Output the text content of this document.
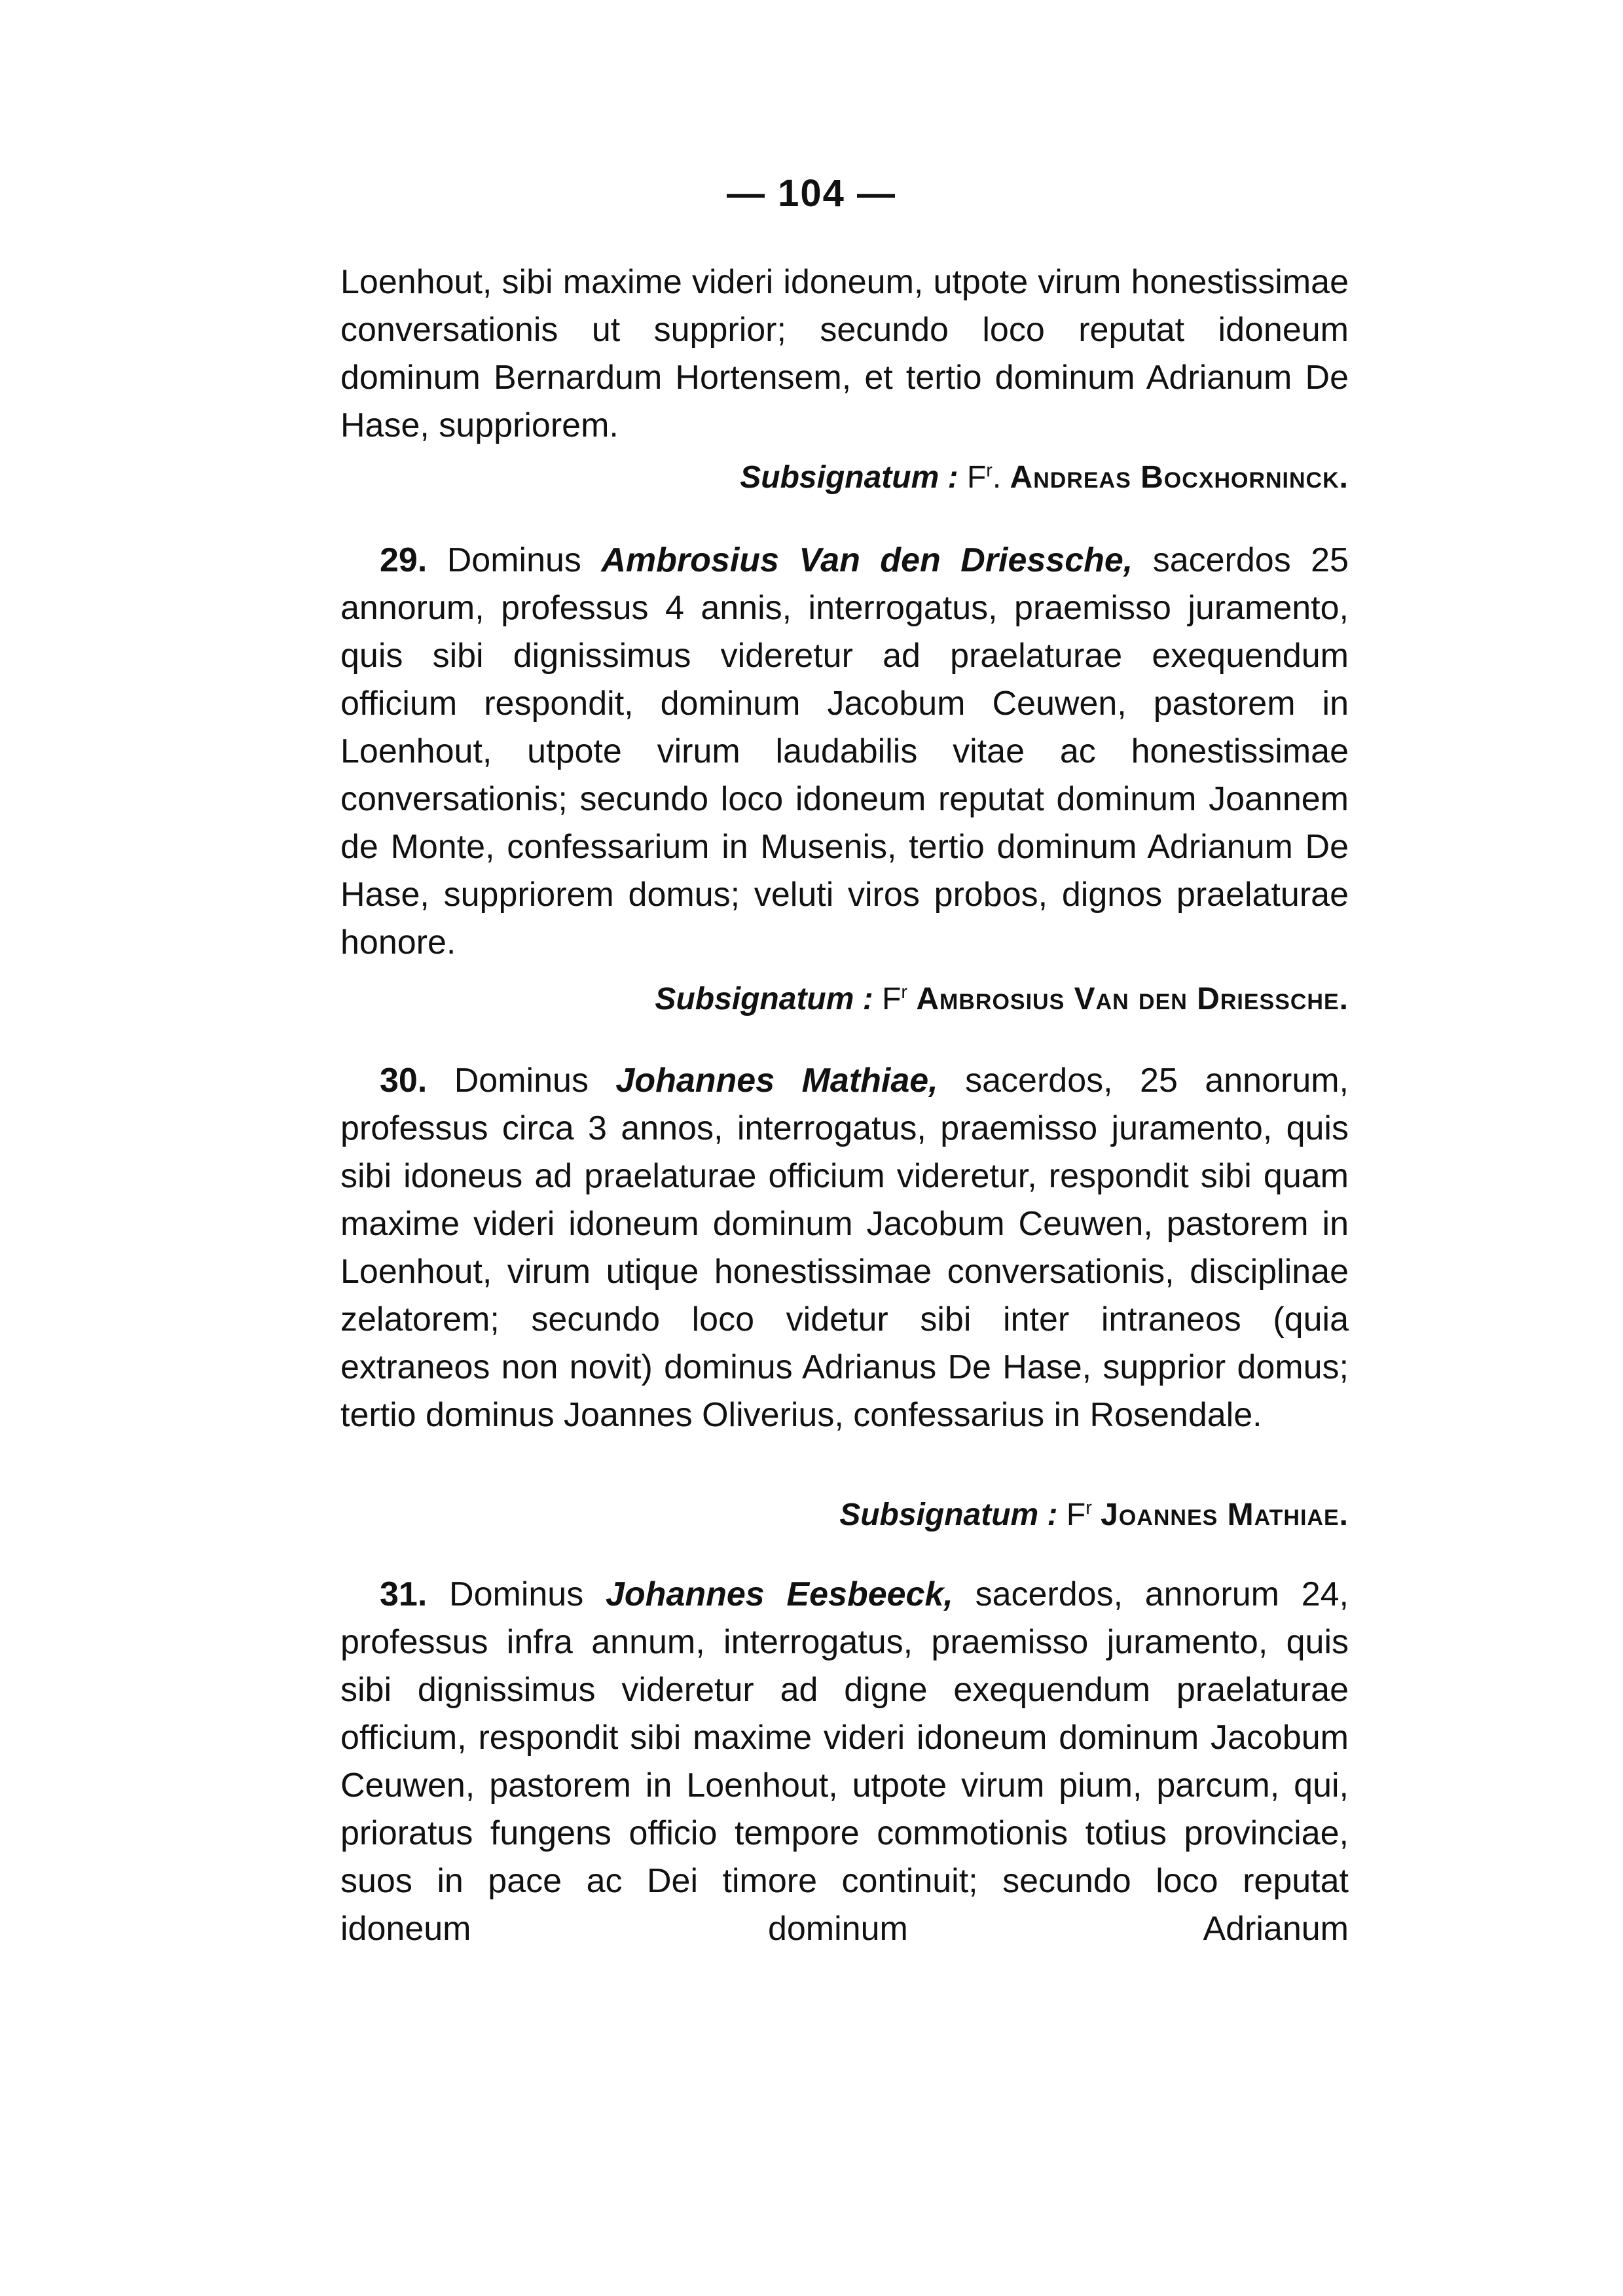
— 104 —

Loenhout, sibi maxime videri idoneum, utpote virum honestissimae conversationis ut supprior; secundo loco reputat idoneum dominum Bernardum Hortensem, et tertio dominum Adrianum De Hase, suppriorem.

Subsignatum : $F^r$. Andreas Bocxhorninck.

29. Dominus Ambrosius Van den Driessche, sacerdos 25 annorum, professus 4 annis, interrogatus, praemisso juramento, quis sibi dignissimus videretur ad praelaturae exequendum officium respondit, dominum Jacobum Ceuwen, pastorem in Loenhout, utpote virum laudabilis vitae ac honestissimae conversationis; secundo loco idoneum reputat dominum Joannem de Monte, confessarium in Musenis, tertio dominum Adrianum De Hase, suppriorem domus; veluti viros probos, dignos praelaturae honore.

Subsignatum : $F^r$ Ambrosius Van den Driessche.

30. Dominus Johannes Mathiae, sacerdos, 25 annorum, professus circa 3 annos, interrogatus, praemisso juramento, quis sibi idoneus ad praelaturae officium videretur, respondit sibi quam maxime videri idoneum dominum Jacobum Ceuwen, pastorem in Loenhout, virum utique honestissimae conversationis, disciplinae zelatorem; secundo loco videtur sibi inter intraneos (quia extraneos non novit) dominus Adrianus De Hase, supprior domus; tertio dominus Joannes Oliverius, confessarius in Rosendale.

Subsignatum : $F^r$ Joannes Mathiae.

31. Dominus Johannes Eesbeeck, sacerdos, annorum 24, professus infra annum, interrogatus, praemisso juramento, quis sibi dignissimus videretur ad digne exequendum praelaturae officium, respondit sibi maxime videri idoneum dominum Jacobum Ceuwen, pastorem in Loenhout, utpote virum pium, parcum, qui, prioratus fungens officio tempore commotionis totius provinciae, suos in pace ac Dei timore continuit; secundo loco reputat idoneum dominum Adrianum
